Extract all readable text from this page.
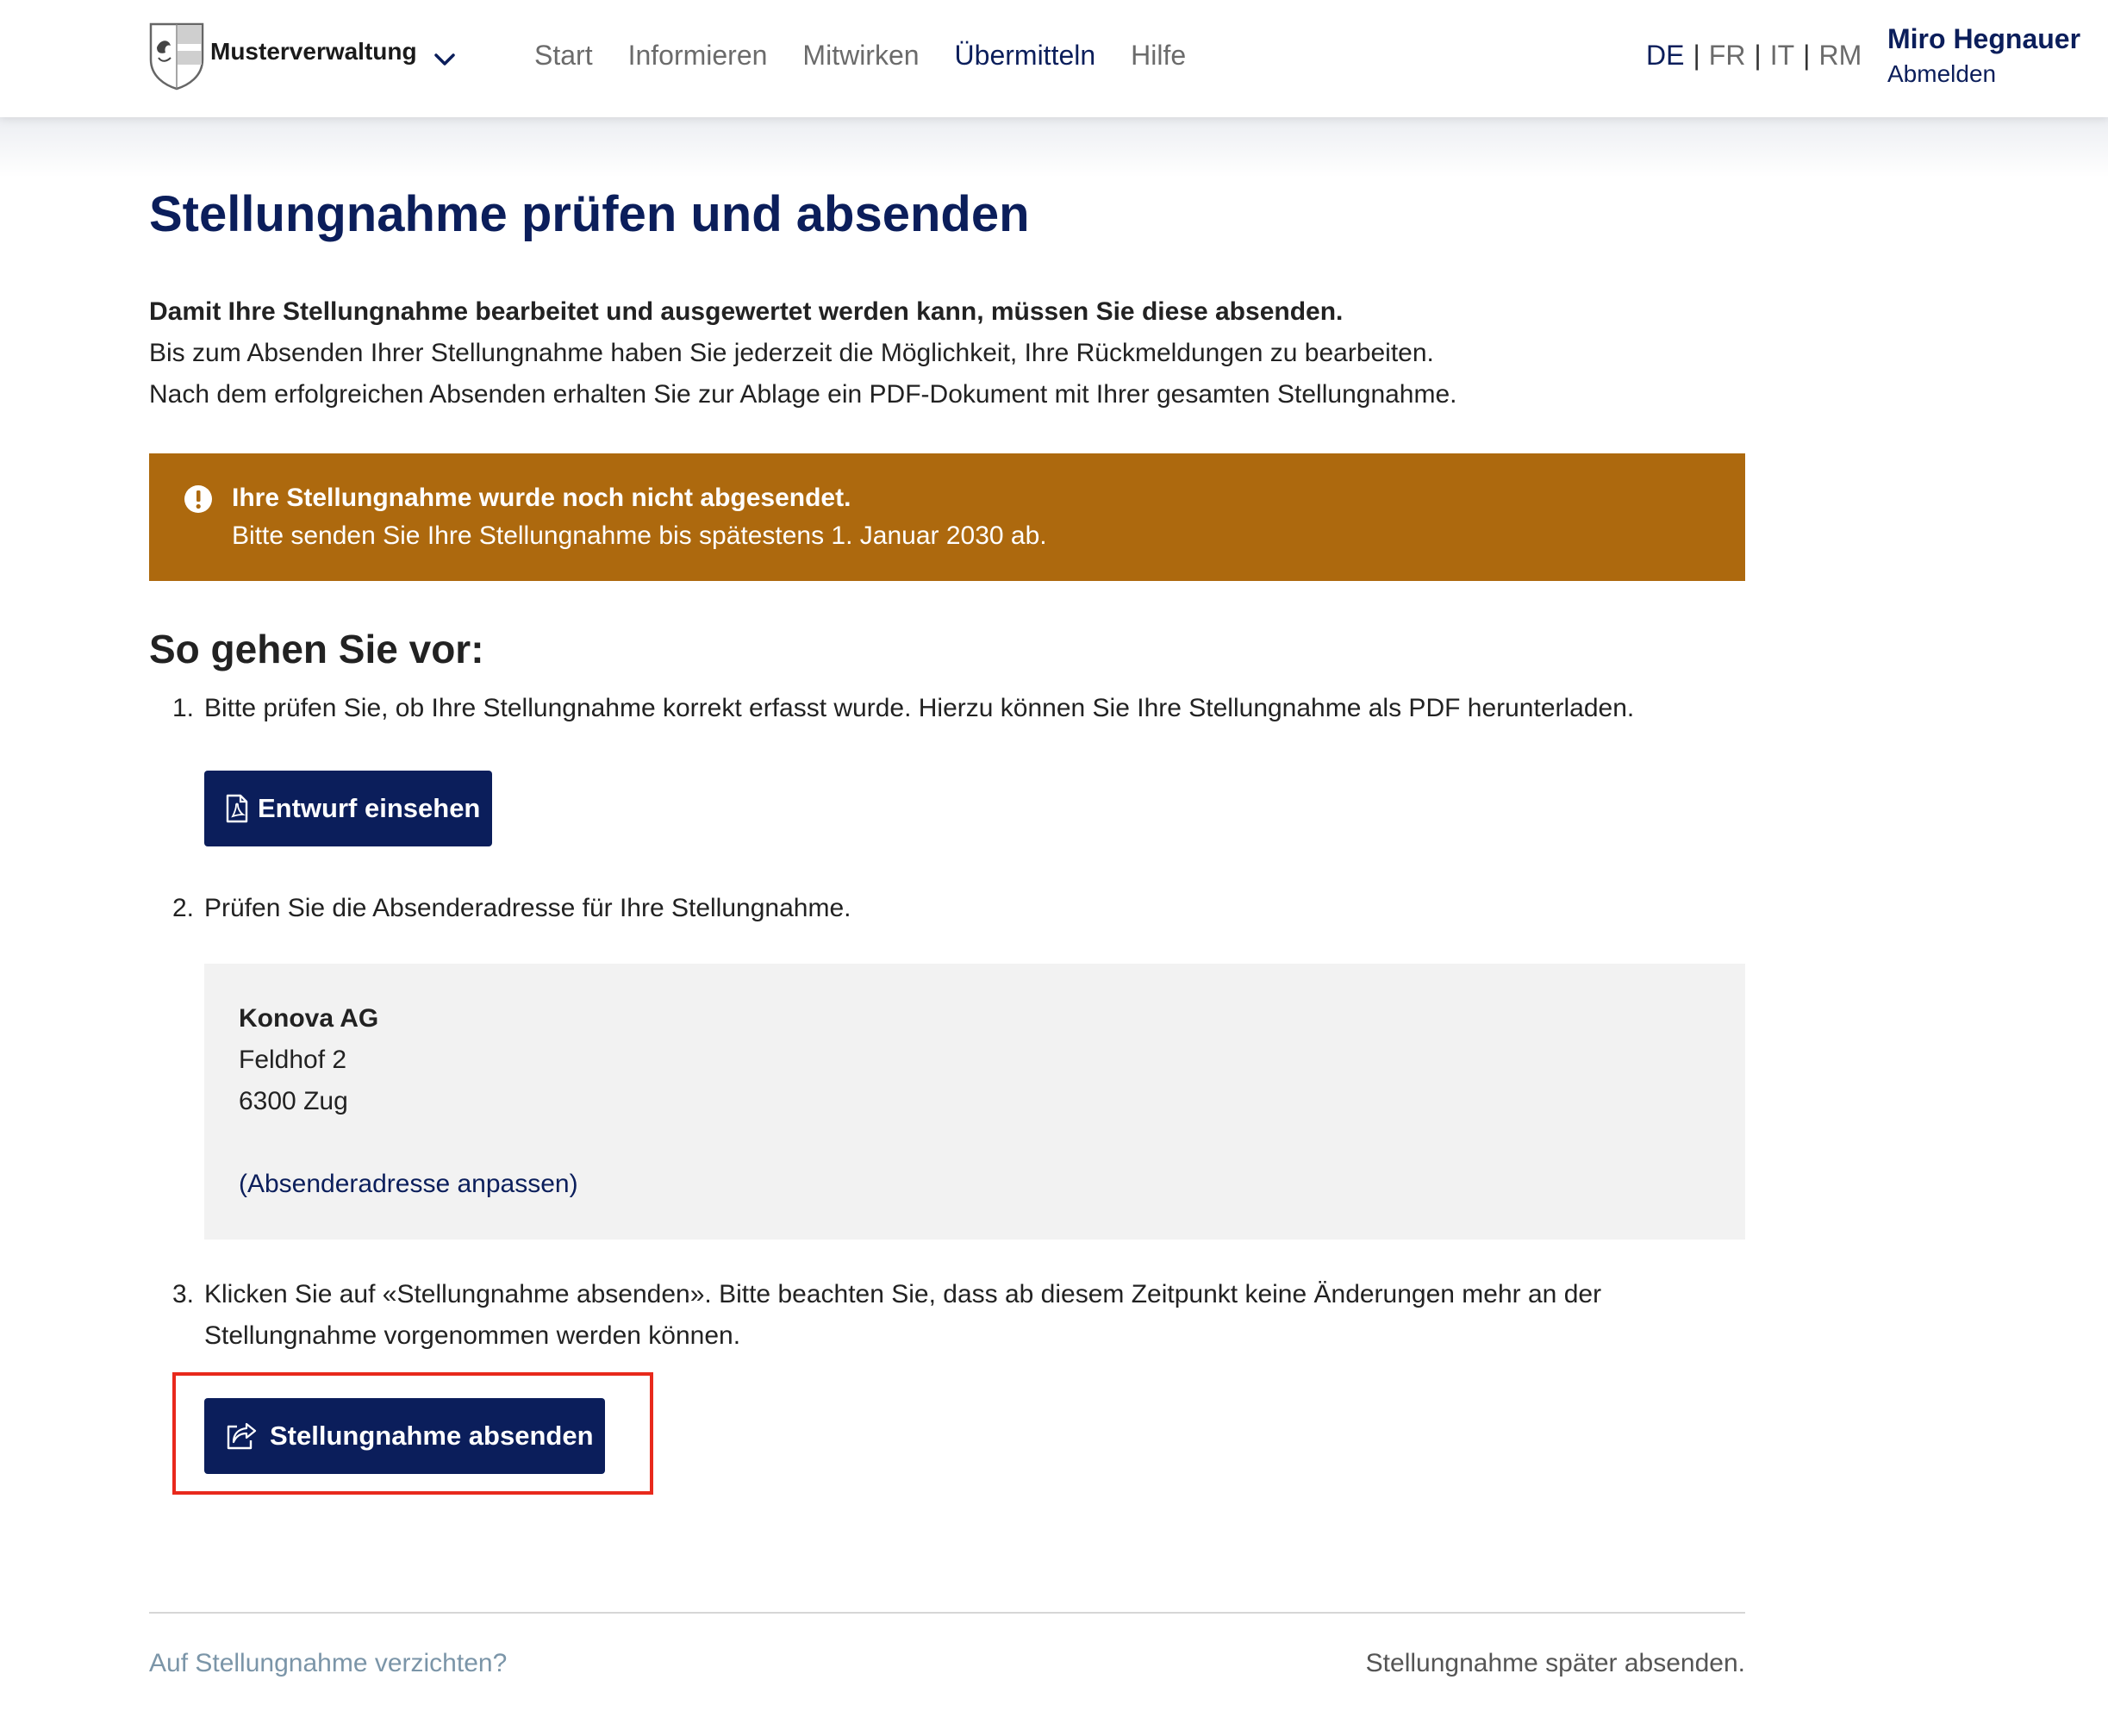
Musterverwaltung	Start Informieren Mitwirken Übermitteln Hilfe	DE | FR | IT | RM
Miro Hegnauer
Abmelden
Stellungnahme prüfen und absenden

Damit Ihre Stellungnahme bearbeitet und ausgewertet werden kann, müssen Sie diese absenden.

Bis zum Absenden Ihrer Stellungnahme haben Sie jederzeit die Möglichkeit, Ihre Rückmeldungen zu bearbeiten.

Nach dem erfolgreichen Absenden erhalten Sie zur Ablage ein PDF-Dokument mit Ihrer gesamten Stellungnahme.

Ihre Stellungnahme wurde noch nicht abgesendet.
Bitte senden Sie Ihre Stellungnahme bis spätestens 1. Januar 2030 ab.
So gehen Sie vor:
1. Bitte prüfen Sie, ob Ihre Stellungnahme korrekt erfasst wurde. Hierzu können Sie Ihre Stellungnahme als PDF herunterladen.
Entwurf einsehen
2. Prüfen Sie die Absenderadresse für Ihre Stellungnahme.
Konova AG
Feldhof 2
6300 Zug
(Absenderadresse anpassen)
3. Klicken Sie auf «Stellungnahme absenden». Bitte beachten Sie, dass ab diesem Zeitpunkt keine Änderungen mehr an der Stellungnahme vorgenommen werden können.
Stellungnahme absenden
Auf Stellungnahme verzichten?	Stellungnahme später absenden.
